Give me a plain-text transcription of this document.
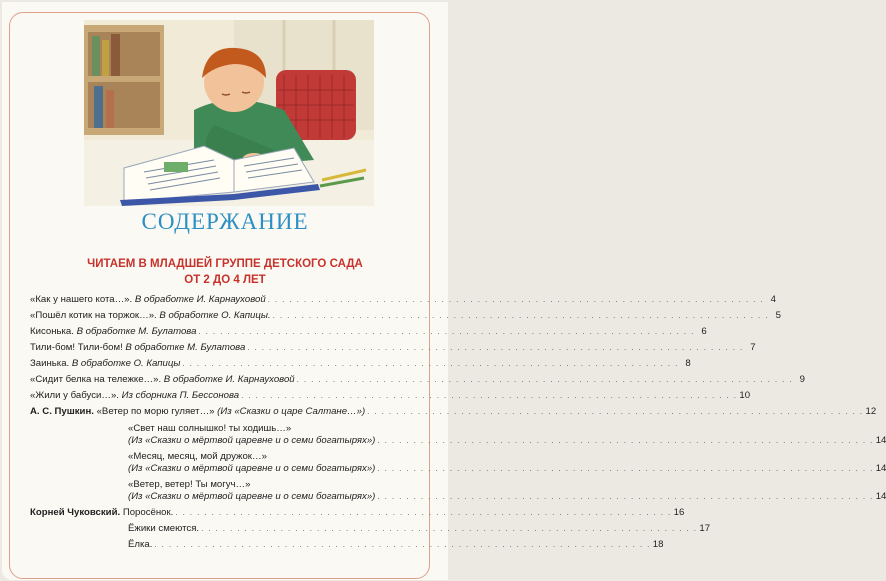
СОДЕРЖАНИЕ
ЧИТАЕМ В МЛАДШЕЙ ГРУППЕ ДЕТСКОГО САДА
ОТ 2 ДО 4 ЛЕТ
«Как у нашего кота…». В обработке И. Карнауховой . . . . . . . . . . . . . . . . . . . . . . . . . . . . . . . . . . . . . . . . . . . . . . . . . . . . . . . . . . . . . . . . . . . . . 4
«Пошёл котик на торжок…». В обработке О. Капицы. . . . . . . . . . . . . . . . . . . . . . . . . . . . . . . . . . . . . . . . . . . . . . . . . . . . . . . . . . . . . . . . . . . . . . 5
Кисонька. В обработке М. Булатова . . . . . . . . . . . . . . . . . . . . . . . . . . . . . . . . . . . . . . . . . . . . . . . . . . . . . . . . . . . . . . . . . . . . . 6
Тили-бом! Тили-бом! В обработке М. Булатова . . . . . . . . . . . . . . . . . . . . . . . . . . . . . . . . . . . . . . . . . . . . . . . . . . . . . . . . . . . . . . . . . . . . . 7
Заинька. В обработке О. Капицы . . . . . . . . . . . . . . . . . . . . . . . . . . . . . . . . . . . . . . . . . . . . . . . . . . . . . . . . . . . . . . . . . . . . . 8
«Сидит белка на тележке…». В обработке И. Карнауховой . . . . . . . . . . . . . . . . . . . . . . . . . . . . . . . . . . . . . . . . . . . . . . . . . . . . . . . . . . . . . . . . . . . . . 9
«Жили у бабуси…». Из сборника П. Бессонова . . . . . . . . . . . . . . . . . . . . . . . . . . . . . . . . . . . . . . . . . . . . . . . . . . . . . . . . . . . . . . . . . . . . . 10
А. С. Пушкин. «Ветер по морю гуляет…» (Из «Сказки о царе Салтане…») . . . . . . . . . . . . . . . . . . . . . . . . . . . . . . . . . . . . . . . . . . . . . . . . . . . . . . . . . . . . . . . . . . . . . 12
«Свет наш солнышко! ты ходишь…»
(Из «Сказки о мёртвой царевне и о семи богатырях») . . . . . . . . . . . . . . . . . . . . . . . . . . . . . . . . . . . . . . . . . . . . . . . . . . . . . . . . . . . . . . . . . . . . . 14
«Месяц, месяц, мой дружок…»
(Из «Сказки о мёртвой царевне и о семи богатырях») . . . . . . . . . . . . . . . . . . . . . . . . . . . . . . . . . . . . . . . . . . . . . . . . . . . . . . . . . . . . . . . . . . . . . 14
«Ветер, ветер! Ты могуч…»
(Из «Сказки о мёртвой царевне и о семи богатырях») . . . . . . . . . . . . . . . . . . . . . . . . . . . . . . . . . . . . . . . . . . . . . . . . . . . . . . . . . . . . . . . . . . . . . 14
Корней Чуковский. Поросёнок. . . . . . . . . . . . . . . . . . . . . . . . . . . . . . . . . . . . . . . . . . . . . . . . . . . . . . . . . . . . . . . . . . . . . . 16
Ёжики смеются. . . . . . . . . . . . . . . . . . . . . . . . . . . . . . . . . . . . . . . . . . . . . . . . . . . . . . . . . . . . . . . . . . . . . . 17
Ёлка. . . . . . . . . . . . . . . . . . . . . . . . . . . . . . . . . . . . . . . . . . . . . . . . . . . . . . . . . . . . . . . . . . . . . . 18
